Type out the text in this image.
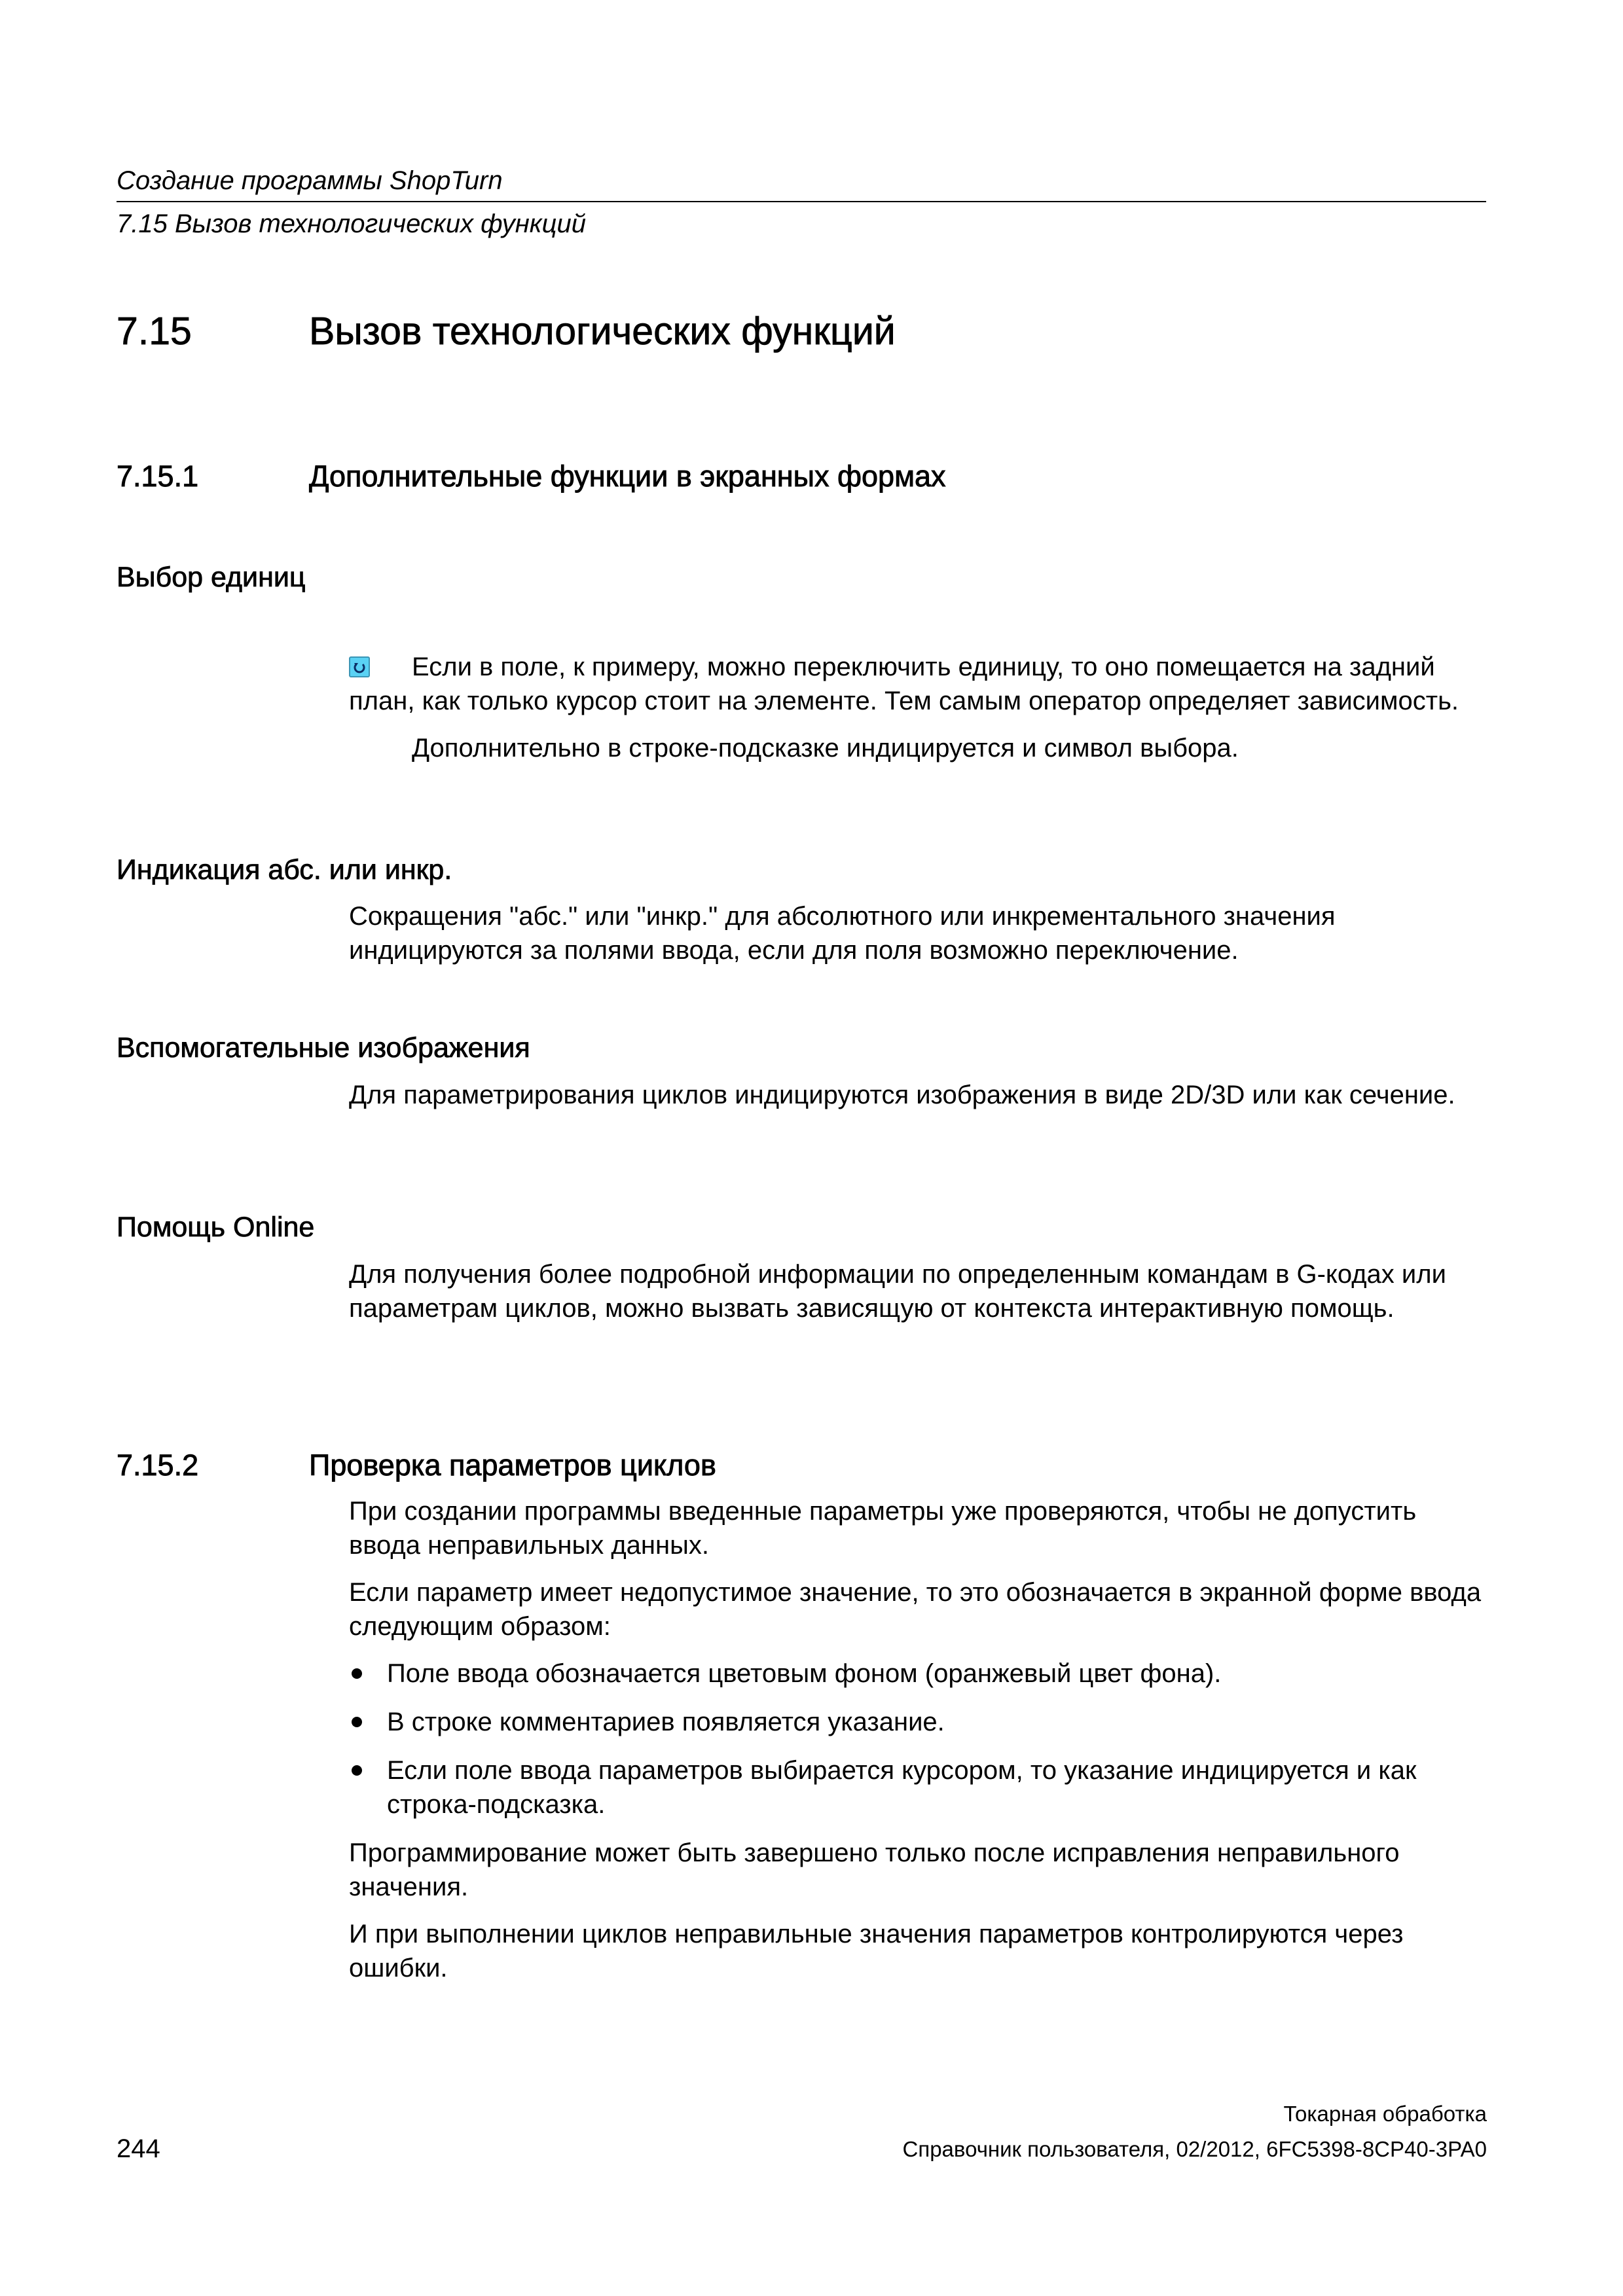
Создание программы ShopTurn
7.15 Вызов технологических функций
7.15	Вызов технологических функций
7.15.1	Дополнительные функции в экранных формах
Выбор единиц

Если в поле, к примеру, можно переключить единицу, то оно помещается на задний план, как только курсор стоит на элементе. Тем самым оператор определяет зависимость.

Дополнительно в строке-подсказке индицируется и символ выбора.

Индикация абс. или инкр.

Сокращения "абс." или "инкр." для абсолютного или инкрементального значения индицируются за полями ввода, если для поля возможно переключение.

Вспомогательные изображения

Для параметрирования циклов индицируются изображения в виде 2D/3D или как сечение.

Помощь Online

Для получения более подробной информации по определенным командам в G-кодах или параметрам циклов, можно вызвать зависящую от контекста интерактивную помощь.

7.15.2	Проверка параметров циклов

При создании программы введенные параметры уже проверяются, чтобы не допустить ввода неправильных данных.

Если параметр имеет недопустимое значение, то это обозначается в экранной форме ввода следующим образом:

Поле ввода обозначается цветовым фоном (оранжевый цвет фона).
В строке комментариев появляется указание.
Если поле ввода параметров выбирается курсором, то указание индицируется и как строка-подсказка.

Программирование может быть завершено только после исправления неправильного значения.

И при выполнении циклов неправильные значения параметров контролируются через ошибки.

Токарная обработка
244	Справочник пользователя, 02/2012, 6FC5398-8CP40-3PA0
